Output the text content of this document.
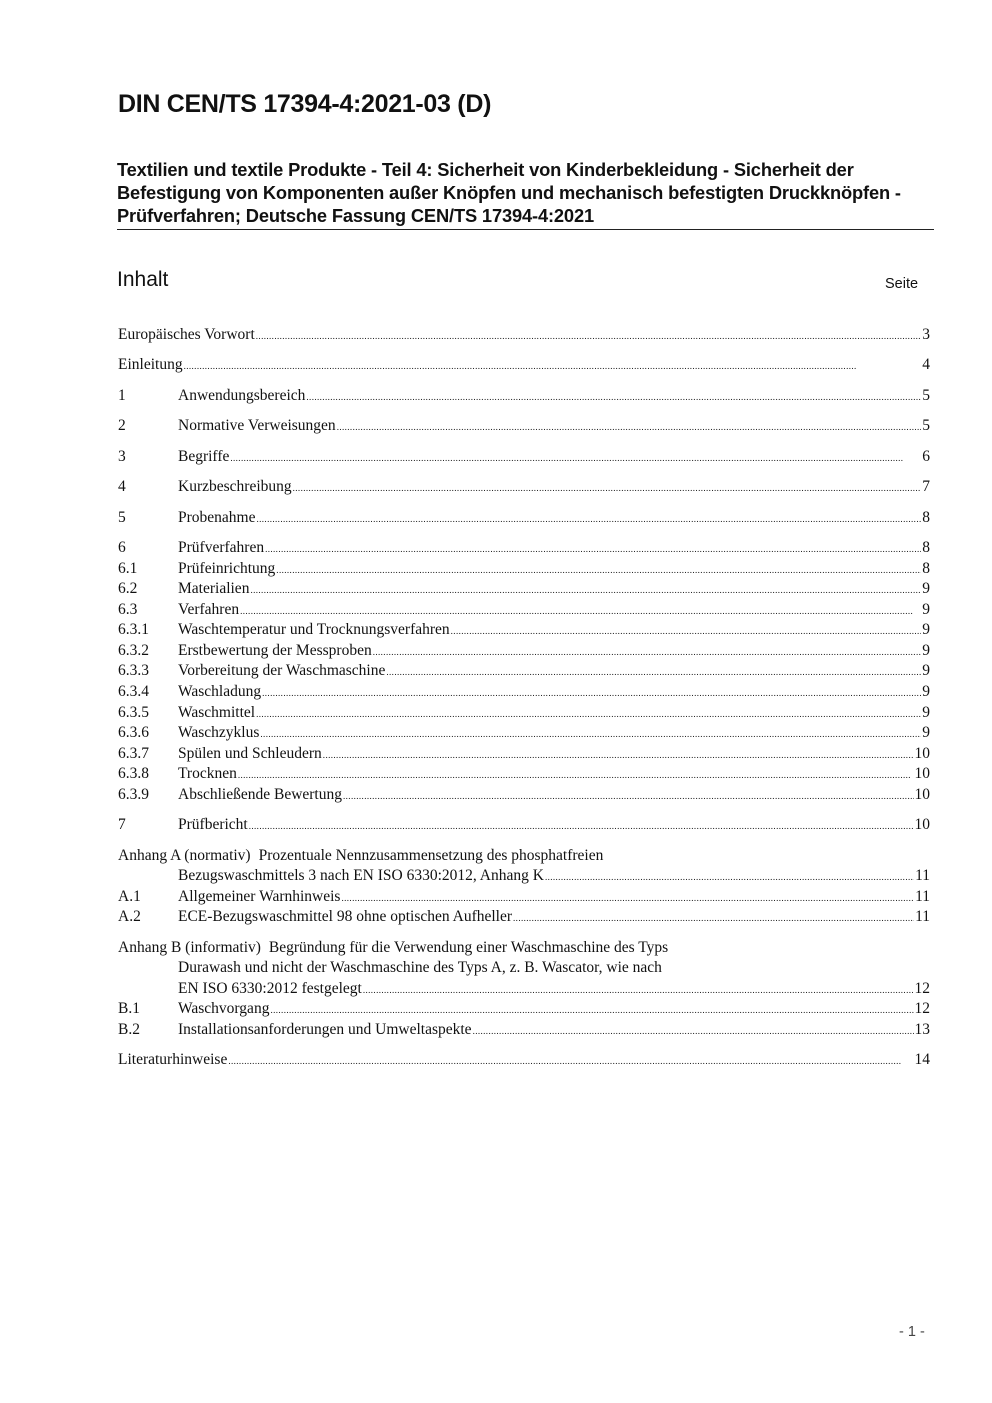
DIN CEN/TS 17394-4:2021-03 (D)
Textilien und textile Produkte - Teil 4: Sicherheit von Kinderbekleidung - Sicherheit der Befestigung von Komponenten außer Knöpfen und mechanisch befestigten Druckknöpfen - Prüfverfahren; Deutsche Fassung CEN/TS 17394-4:2021
Inhalt	Seite
Europäisches Vorwort .....	3
Einleitung .....	4
1	Anwendungsbereich .....	5
2	Normative Verweisungen .....	5
3	Begriffe .....	6
4	Kurzbeschreibung .....	7
5	Probenahme .....	8
6	Prüfverfahren .....	8
6.1	Prüfeinrichtung .....	8
6.2	Materialien .....	9
6.3	Verfahren .....	9
6.3.1	Waschtemperatur und Trocknungsverfahren .....	9
6.3.2	Erstbewertung der Messproben .....	9
6.3.3	Vorbereitung der Waschmaschine .....	9
6.3.4	Waschladung .....	9
6.3.5	Waschmittel .....	9
6.3.6	Waschzyklus .....	9
6.3.7	Spülen und Schleudern .....	10
6.3.8	Trocknen .....	10
6.3.9	Abschließende Bewertung .....	10
7	Prüfbericht .....	10
Anhang A (normativ) Prozentuale Nennzusammensetzung des phosphatfreien
Bezugswaschmittels 3 nach EN ISO 6330:2012, Anhang K .....	11
A.1	Allgemeiner Warnhinweis .....	11
A.2	ECE-Bezugswaschmittel 98 ohne optischen Aufheller .....	11
Anhang B (informativ) Begründung für die Verwendung einer Waschmaschine des Typs
Durawash und nicht der Waschmaschine des Typs A, z. B. Wascator, wie nach
EN ISO 6330:2012 festgelegt .....	12
B.1	Waschvorgang .....	12
B.2	Installationsanforderungen und Umweltaspekte .....	13
Literaturhinweise .....	14
- 1 -
